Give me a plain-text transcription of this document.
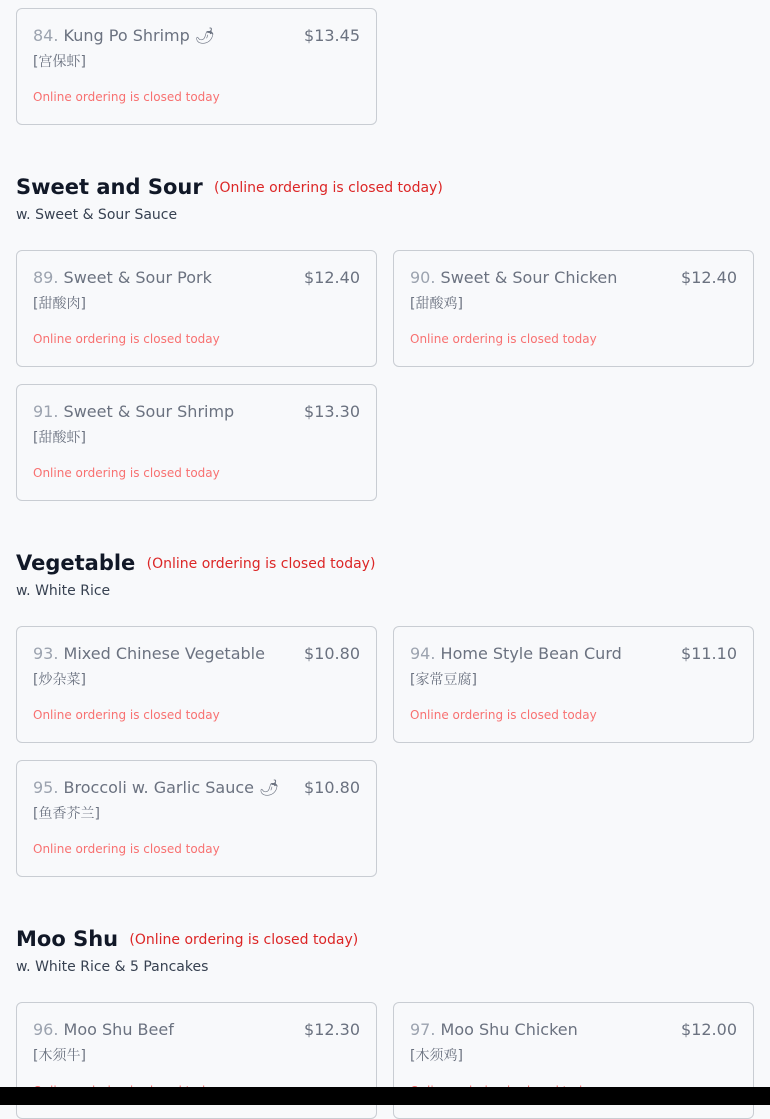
84. Kung Po Shrimp 🌶	$13.45
[宫保虾]
Online ordering is closed today
Sweet and Sour (Online ordering is closed today)
w. Sweet & Sour Sauce
89. Sweet & Sour Pork	$12.40
[甜酸肉]
Online ordering is closed today
90. Sweet & Sour Chicken	$12.40
[甜酸鸡]
Online ordering is closed today
91. Sweet & Sour Shrimp	$13.30
[甜酸虾]
Online ordering is closed today
Vegetable (Online ordering is closed today)
w. White Rice
93. Mixed Chinese Vegetable	$10.80
[炒杂菜]
Online ordering is closed today
94. Home Style Bean Curd	$11.10
[家常豆腐]
Online ordering is closed today
95. Broccoli w. Garlic Sauce 🌶	$10.80
[鱼香芥兰]
Online ordering is closed today
Moo Shu (Online ordering is closed today)
w. White Rice & 5 Pancakes
96. Moo Shu Beef	$12.30
[木须牛]
97. Moo Shu Chicken	$12.00
[木须鸡]
